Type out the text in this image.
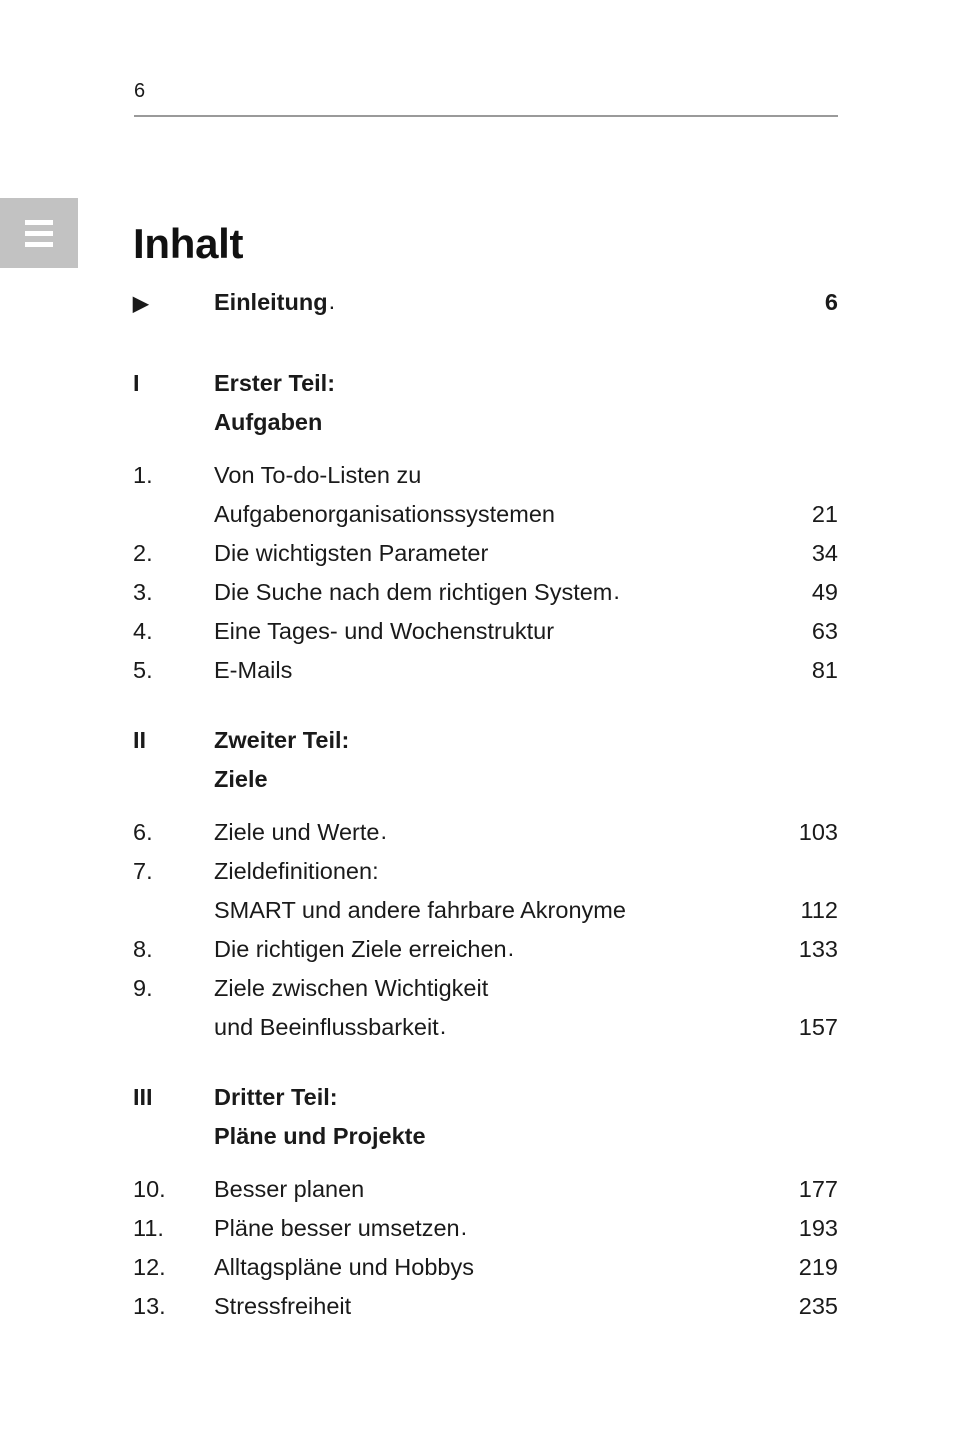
6
Inhalt
▶	Einleitung .	6
I	Erster Teil:
Aufgaben
1.	Von To-do-Listen zu
Aufgabenorganisationssystemen	21
2.	Die wichtigsten Parameter	34
3.	Die Suche nach dem richtigen System .	49
4.	Eine Tages- und Wochenstruktur	63
5.	E-Mails	81
II	Zweiter Teil:
Ziele
6.	Ziele und Werte .	103
7.	Zieldefinitionen:
SMART und andere fahrbare Akronyme	112
8.	Die richtigen Ziele erreichen .	133
9.	Ziele zwischen Wichtigkeit
und Beeinflussbarkeit .	157
III	Dritter Teil:
Pläne und Projekte
10.	Besser planen	177
11.	Pläne besser umsetzen .	193
12.	Alltagspläne und Hobbys	219
13.	Stressfreiheit	235
